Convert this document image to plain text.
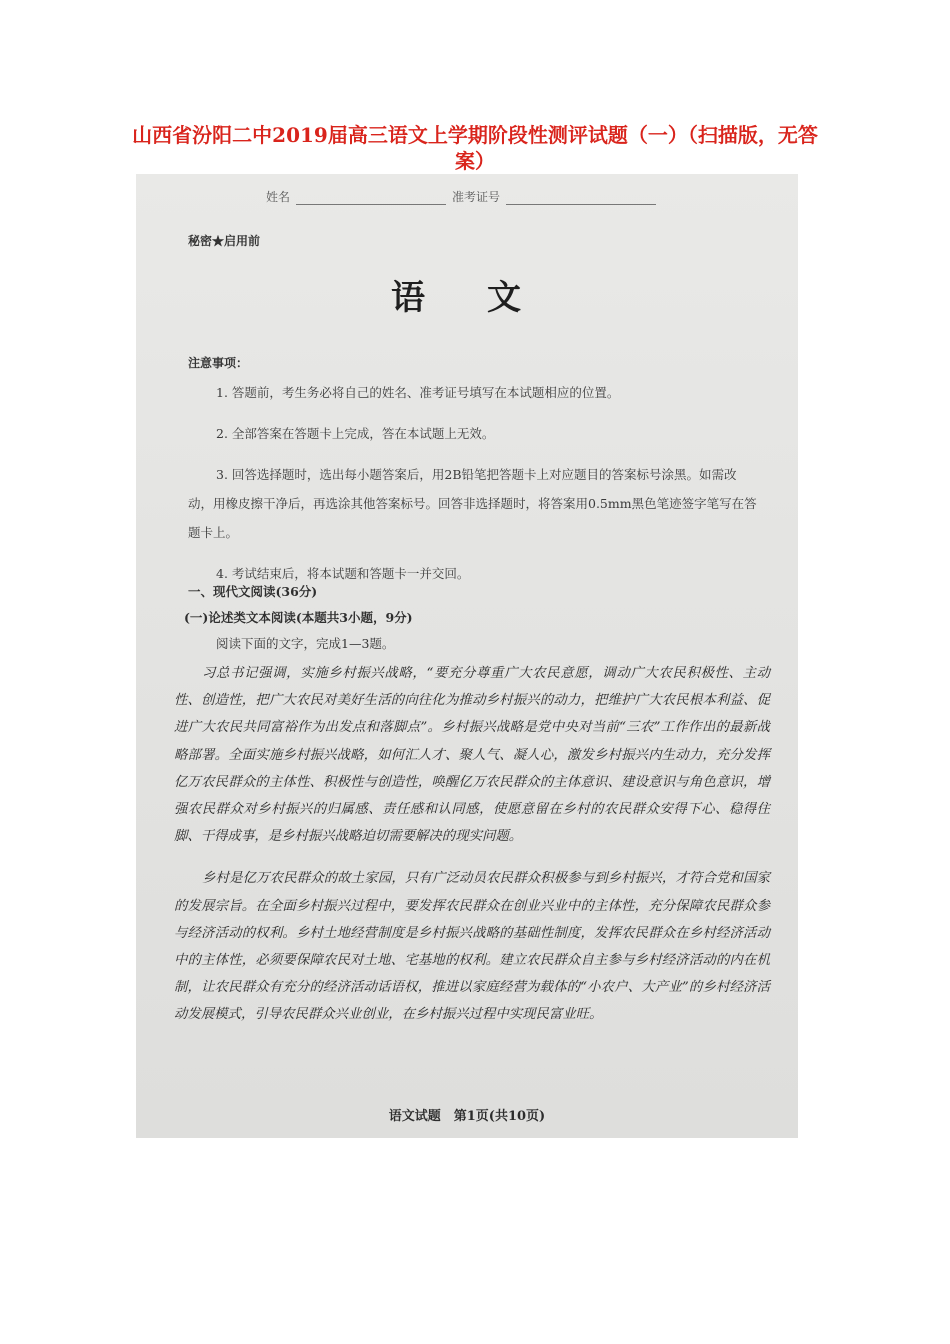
山西省汾阳二中2019届高三语文上学期阶段性测评试题（一）（扫描版，无答案）
姓名	准考证号
秘密★启用前
语文
注意事项：

1. 答题前，考生务必将自己的姓名、准考证号填写在本试题相应的位置。

2. 全部答案在答题卡上完成，答在本试题上无效。

3. 回答选择题时，选出每小题答案后，用2B铅笔把答题卡上对应题目的答案标号涂黑。如需改动，用橡皮擦干净后，再选涂其他答案标号。回答非选择题时，将答案用0.5mm黑色笔迹签字笔写在答题卡上。

4. 考试结束后，将本试题和答题卡一并交回。

一、现代文阅读(36分)
(一)论述类文本阅读(本题共3小题，9分)
阅读下面的文字，完成1—3题。

习总书记强调，实施乡村振兴战略，“要充分尊重广大农民意愿，调动广大农民积极性、主动性、创造性，把广大农民对美好生活的向往化为推动乡村振兴的动力，把维护广大农民根本利益、促进广大农民共同富裕作为出发点和落脚点”。乡村振兴战略是党中央对当前“三农”工作作出的最新战略部署。全面实施乡村振兴战略，如何汇人才、聚人气、凝人心，激发乡村振兴内生动力，充分发挥亿万农民群众的主体性、积极性与创造性，唤醒亿万农民群众的主体意识、建设意识与角色意识，增强农民群众对乡村振兴的归属感、责任感和认同感，使愿意留在乡村的农民群众安得下心、稳得住脚、干得成事，是乡村振兴战略迫切需要解决的现实问题。

乡村是亿万农民群众的故土家园，只有广泛动员农民群众积极参与到乡村振兴，才符合党和国家的发展宗旨。在全面乡村振兴过程中，要发挥农民群众在创业兴业中的主体性，充分保障农民群众参与经济活动的权利。乡村土地经营制度是乡村振兴战略的基础性制度，发挥农民群众在乡村经济活动中的主体性，必须要保障农民对土地、宅基地的权利。建立农民群众自主参与乡村经济活动的内在机制，让农民群众有充分的经济活动话语权，推进以家庭经营为载体的“小农户、大产业”的乡村经济活动发展模式，引导农民群众兴业创业，在乡村振兴过程中实现民富业旺。

语文试题　第1页(共10页)
